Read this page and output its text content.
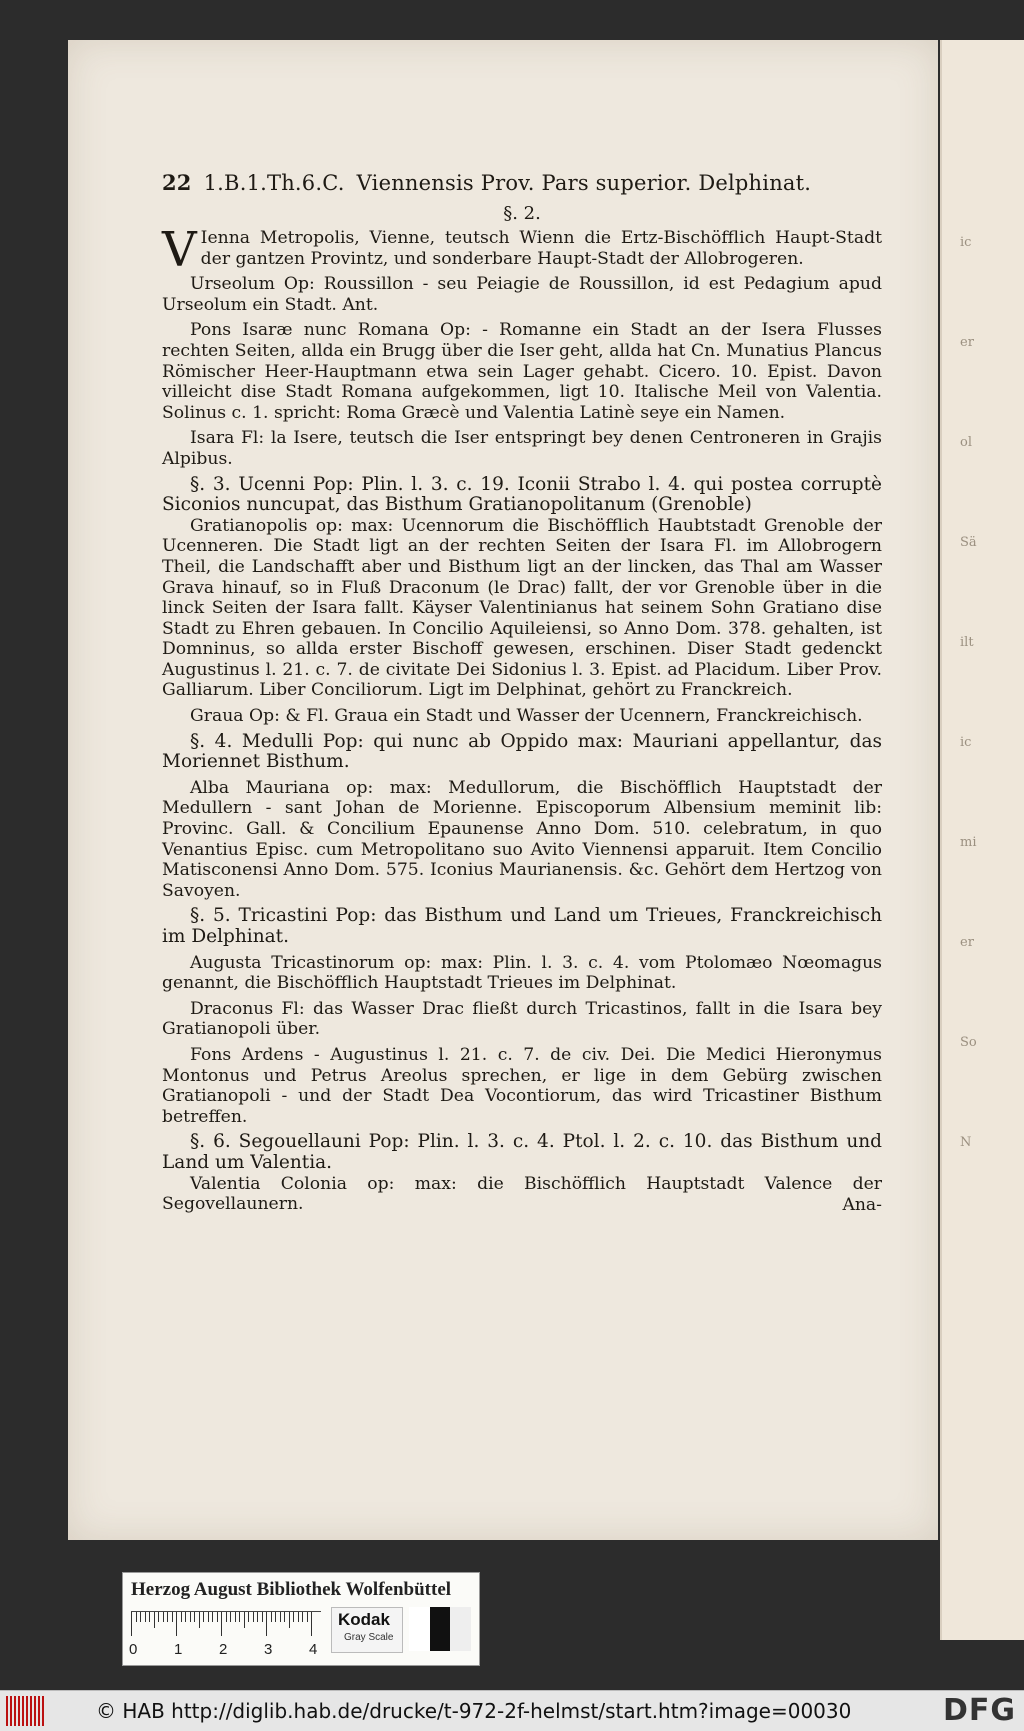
ic
er
ol
Sä
ilt
ic
mi
er
So
N
22 1.B.1.Th.6.C. Viennensis Prov. Pars superior. Delphinat.
§. 2.

V Ienna Metropolis, Vienne, teutsch Wienn die Ertz-Bischöfflich Haupt-Stadt der gantzen Provintz, und sonderbare Haupt-Stadt der Allobrogeren.

Urseolum Op: Roussillon - seu Peiagie de Roussillon, id est Pedagium apud Urseolum ein Stadt. Ant.

Pons Isaræ nunc Romana Op: - Romanne ein Stadt an der Isera Flusses rechten Seiten, allda ein Brugg über die Iser geht, allda hat Cn. Munatius Plancus Römischer Heer-Hauptmann etwa sein Lager gehabt. Cicero. 10. Epist. Davon villeicht dise Stadt Romana aufgekommen, ligt 10. Italische Meil von Valentia. Solinus c. 1. spricht: Roma Græcè und Valentia Latinè seye ein Namen.

Isara Fl: la Isere, teutsch die Iser entspringt bey denen Centroneren in Grajis Alpibus.

§. 3. Ucenni Pop: Plin. l. 3. c. 19. Iconii Strabo l. 4. qui postea corruptè Siconios nuncupat, das Bisthum Gratianopolitanum (Grenoble)

Gratianopolis op: max: Ucennorum die Bischöfflich Haubtstadt Grenoble der Ucenneren. Die Stadt ligt an der rechten Seiten der Isara Fl. im Allobrogern Theil, die Landschafft aber und Bisthum ligt an der lincken, das Thal am Wasser Grava hinauf, so in Fluß Draconum (le Drac) fallt, der vor Grenoble über in die linck Seiten der Isara fallt. Käyser Valentinianus hat seinem Sohn Gratiano dise Stadt zu Ehren gebauen. In Concilio Aquileiensi, so Anno Dom. 378. gehalten, ist Domninus, so allda erster Bischoff gewesen, erschinen. Diser Stadt gedenckt Augustinus l. 21. c. 7. de civitate Dei Sidonius l. 3. Epist. ad Placidum. Liber Prov. Galliarum. Liber Conciliorum. Ligt im Delphinat, gehört zu Franckreich.

Graua Op: & Fl. Graua ein Stadt und Wasser der Ucennern, Franckreichisch.

§. 4. Medulli Pop: qui nunc ab Oppido max: Mauriani appellantur, das Moriennet Bisthum.

Alba Mauriana op: max: Medullorum, die Bischöfflich Hauptstadt der Medullern - sant Johan de Morienne. Episcoporum Albensium meminit lib: Provinc. Gall. & Concilium Epaunense Anno Dom. 510. celebratum, in quo Venantius Episc. cum Metropolitano suo Avito Viennensi apparuit. Item Concilio Matisconensi Anno Dom. 575. Iconius Maurianensis. &c. Gehört dem Hertzog von Savoyen.

§. 5. Tricastini Pop: das Bisthum und Land um Trieues, Franckreichisch im Delphinat.

Augusta Tricastinorum op: max: Plin. l. 3. c. 4. vom Ptolomæo Nœomagus genannt, die Bischöfflich Hauptstadt Trieues im Delphinat.

Draconus Fl: das Wasser Drac fließt durch Tricastinos, fallt in die Isara bey Gratianopoli über.

Fons Ardens - Augustinus l. 21. c. 7. de civ. Dei. Die Medici Hieronymus Montonus und Petrus Areolus sprechen, er lige in dem Gebürg zwischen Gratianopoli - und der Stadt Dea Vocontiorum, das wird Tricastiner Bisthum betreffen.

§. 6. Segouellauni Pop: Plin. l. 3. c. 4. Ptol. l. 2. c. 10. das Bisthum und Land um Valentia.

Valentia Colonia op: max: die Bischöfflich Hauptstadt Valence der Segovellaunern.	Ana-

Herzog August Bibliothek Wolfenbüttel
0 1 2 3 4
Kodak
Gray Scale
© HAB http://diglib.hab.de/drucke/t-972-2f-helmst/start.htm?image=00030	DFG
